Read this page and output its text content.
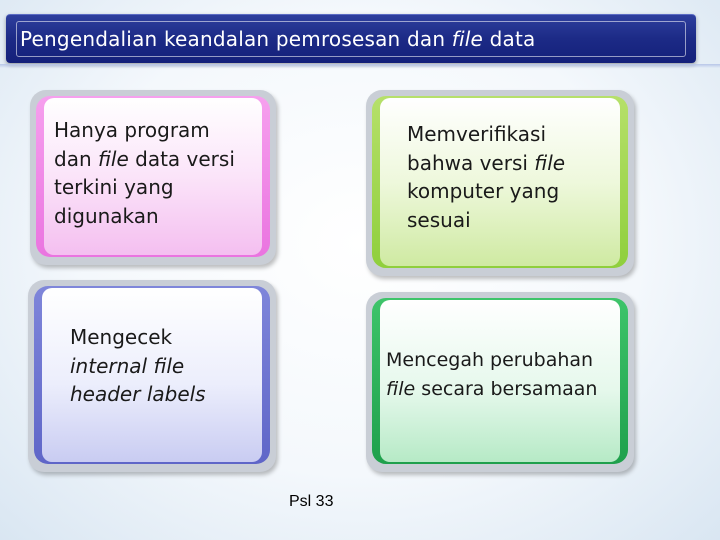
Pengendalian keandalan pemrosesan dan file data
Hanya program
dan file data versi
terkini yang
digunakan
Memverifikasi
bahwa versi file
komputer yang
sesuai
Mengecek
internal file
header labels
Mencegah perubahan
file secara bersamaan
Psl 33
